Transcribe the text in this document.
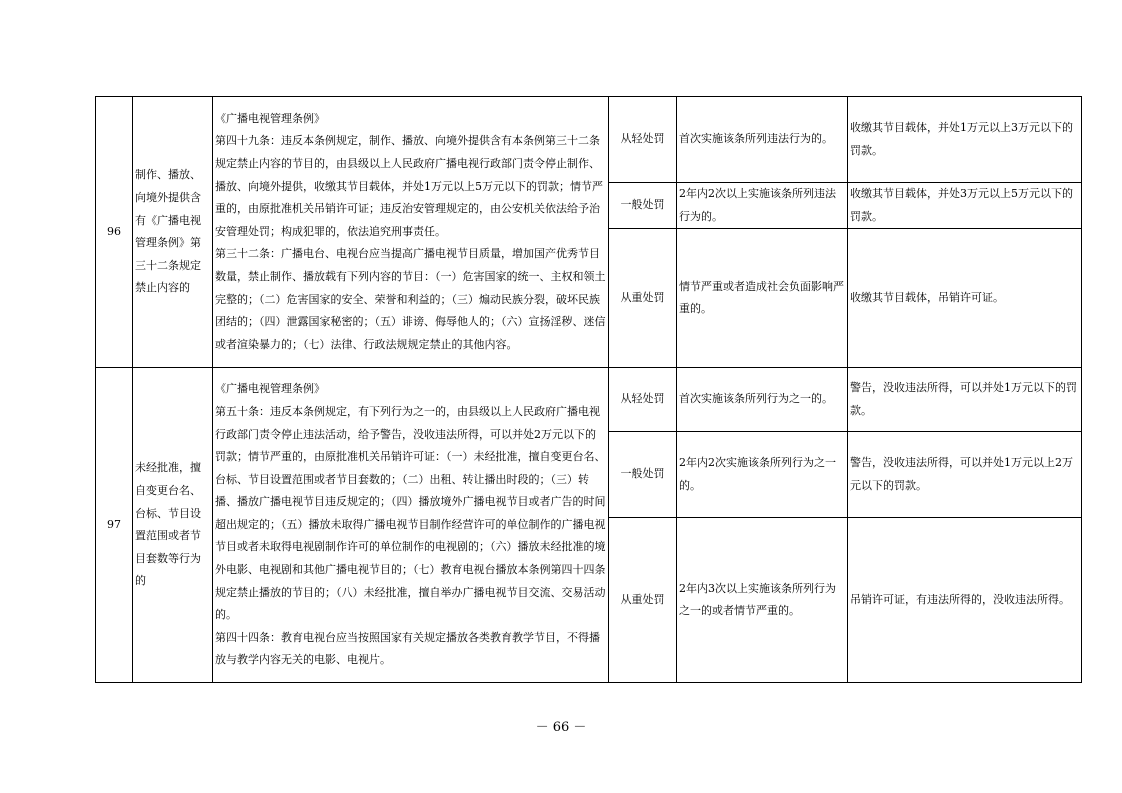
96	制作、播放、向境外提供含有《广播电视管理条例》第三十二条规定禁止内容的	《广播电视管理条例》
第四十九条：违反本条例规定，制作、播放、向境外提供含有本条例第三十二条规定禁止内容的节目的，由县级以上人民政府广播电视行政部门责令停止制作、播放、向境外提供，收缴其节目载体，并处1万元以上5万元以下的罚款；情节严重的，由原批准机关吊销许可证；违反治安管理规定的，由公安机关依法给予治安管理处罚；构成犯罪的，依法追究刑事责任。
第三十二条：广播电台、电视台应当提高广播电视节目质量，增加国产优秀节目数量，禁止制作、播放载有下列内容的节目：（一）危害国家的统一、主权和领土完整的；（二）危害国家的安全、荣誉和利益的；（三）煽动民族分裂，破坏民族团结的；（四）泄露国家秘密的；（五）诽谤、侮辱他人的；（六）宣扬淫秽、迷信或者渲染暴力的；（七）法律、行政法规规定禁止的其他内容。	从轻处罚	首次实施该条所列违法行为的。	收缴其节目载体，并处1万元以上3万元以下的罚款。
			一般处罚	2年内2次以上实施该条所列违法行为的。	收缴其节目载体，并处3万元以上5万元以下的罚款。
			从重处罚	情节严重或者造成社会负面影响严重的。	收缴其节目载体，吊销许可证。
97	未经批准，擅自变更台名、台标、节目设置范围或者节目套数等行为的	《广播电视管理条例》
第五十条：违反本条例规定，有下列行为之一的，由县级以上人民政府广播电视行政部门责令停止违法活动，给予警告，没收违法所得，可以并处2万元以下的罚款；情节严重的，由原批准机关吊销许可证：（一）未经批准，擅自变更台名、台标、节目设置范围或者节目套数的；（二）出租、转让播出时段的；（三）转播、播放广播电视节目违反规定的；（四）播放境外广播电视节目或者广告的时间超出规定的；（五）播放未取得广播电视节目制作经营许可的单位制作的广播电视节目或者未取得电视剧制作许可的单位制作的电视剧的；（六）播放未经批准的境外电影、电视剧和其他广播电视节目的；（七）教育电视台播放本条例第四十四条规定禁止播放的节目的；（八）未经批准，擅自举办广播电视节目交流、交易活动的。
第四十四条：教育电视台应当按照国家有关规定播放各类教育教学节目，不得播放与教学内容无关的电影、电视片。	从轻处罚	首次实施该条所列行为之一的。	警告，没收违法所得，可以并处1万元以下的罚款。
			一般处罚	2年内2次实施该条所列行为之一的。	警告，没收违法所得，可以并处1万元以上2万元以下的罚款。
			从重处罚	2年内3次以上实施该条所列行为之一的或者情节严重的。	吊销许可证，有违法所得的，没收违法所得。
－ 66 －
